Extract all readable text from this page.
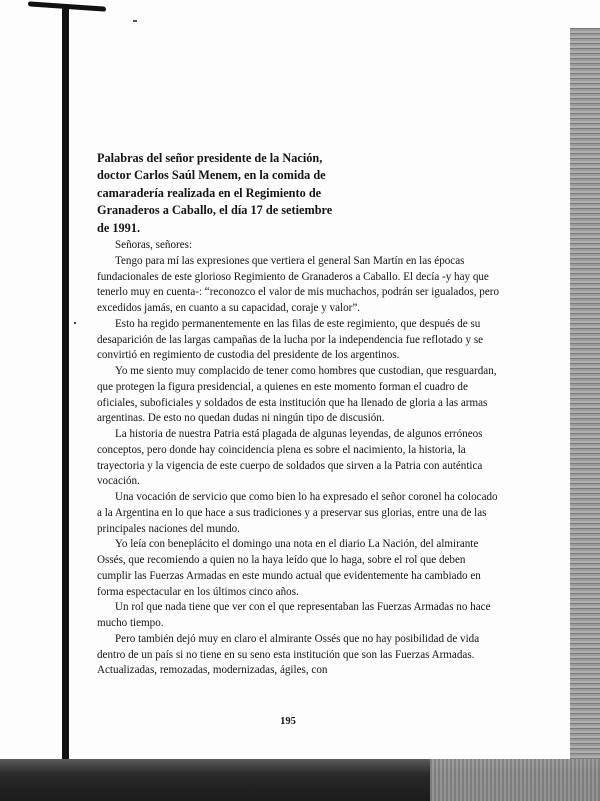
Palabras del señor presidente de la Nación, doctor Carlos Saúl Menem, en la comida de camaradería realizada en el Regimiento de Granaderos a Caballo, el día 17 de setiembre de 1991.

Señoras, señores:

Tengo para mí las expresiones que vertiera el general San Martín en las épocas fundacionales de este glorioso Regimiento de Granaderos a Caballo. El decía -y hay que tenerlo muy en cuenta-: “reconozco el valor de mis muchachos, podrán ser igualados, pero excedidos jamás, en cuanto a su capacidad, coraje y valor”.

Esto ha regido permanentemente en las filas de este regimiento, que después de su desaparición de las largas campañas de la lucha por la independencia fue reflotado y se convirtió en regimiento de custodia del presidente de los argentinos.

Yo me siento muy complacido de tener como hombres que custodian, que resguardan, que protegen la figura presidencial, a quienes en este momento forman el cuadro de oficiales, suboficiales y soldados de esta institución que ha llenado de gloria a las armas argentinas. De esto no quedan dudas ni ningún tipo de discusión.

La historia de nuestra Patria está plagada de algunas leyendas, de algunos erróneos conceptos, pero donde hay coincidencia plena es sobre el nacimiento, la historia, la trayectoria y la vigencia de este cuerpo de soldados que sirven a la Patria con auténtica vocación.

Una vocación de servicio que como bien lo ha expresado el señor coronel ha colocado a la Argentina en lo que hace a sus tradiciones y a preservar sus glorias, entre una de las principales naciones del mundo.

Yo leía con beneplácito el domingo una nota en el diario La Nación, del almirante Ossés, que recomiendo a quien no la haya leído que lo haga, sobre el rol que deben cumplir las Fuerzas Armadas en este mundo actual que evidentemente ha cambiado en forma espectacular en los últimos cinco años.

Un rol que nada tiene que ver con el que representaban las Fuerzas Armadas no hace mucho tiempo.

Pero también dejó muy en claro el almirante Ossés que no hay posibilidad de vida dentro de un país si no tiene en su seno esta institución que son las Fuerzas Armadas. Actualizadas, remozadas, modernizadas, ágiles, con

195
